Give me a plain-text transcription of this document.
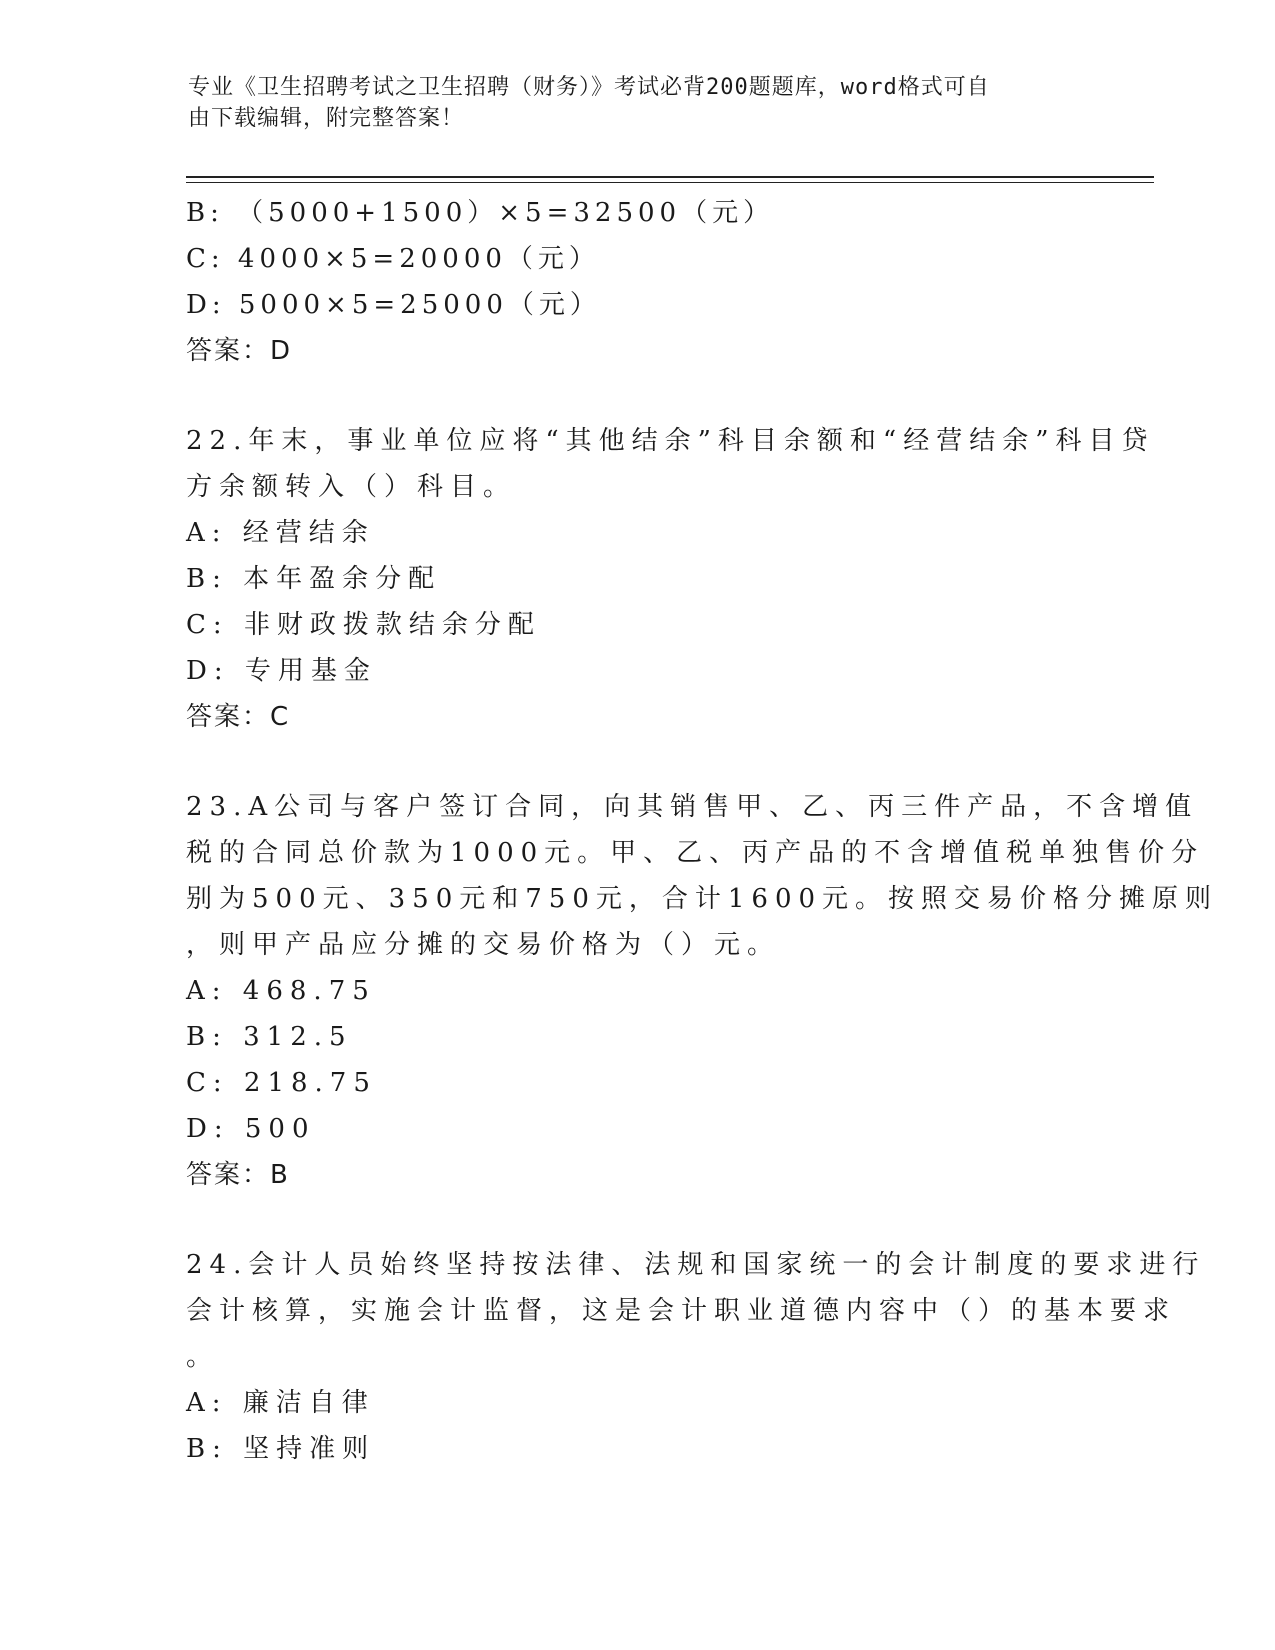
专业《卫生招聘考试之卫生招聘（财务）》考试必背200题题库，word格式可自
由下载编辑，附完整答案！
B: （5000+1500）×5=32500（元）
C: 4000×5=20000（元）
D: 5000×5=25000（元）
答案：D
22.年末，事业单位应将“其他结余”科目余额和“经营结余”科目贷
方余额转入（）科目。
A: 经营结余
B: 本年盈余分配
C: 非财政拨款结余分配
D: 专用基金
答案：C
23.A公司与客户签订合同，向其销售甲、乙、丙三件产品，不含增值
税的合同总价款为1000元。甲、乙、丙产品的不含增值税单独售价分
别为500元、350元和750元，合计1600元。按照交易价格分摊原则
，则甲产品应分摊的交易价格为（）元。
A: 468.75
B: 312.5
C: 218.75
D: 500
答案：B
24.会计人员始终坚持按法律、法规和国家统一的会计制度的要求进行
会计核算，实施会计监督，这是会计职业道德内容中（）的基本要求
。
A: 廉洁自律
B: 坚持准则
